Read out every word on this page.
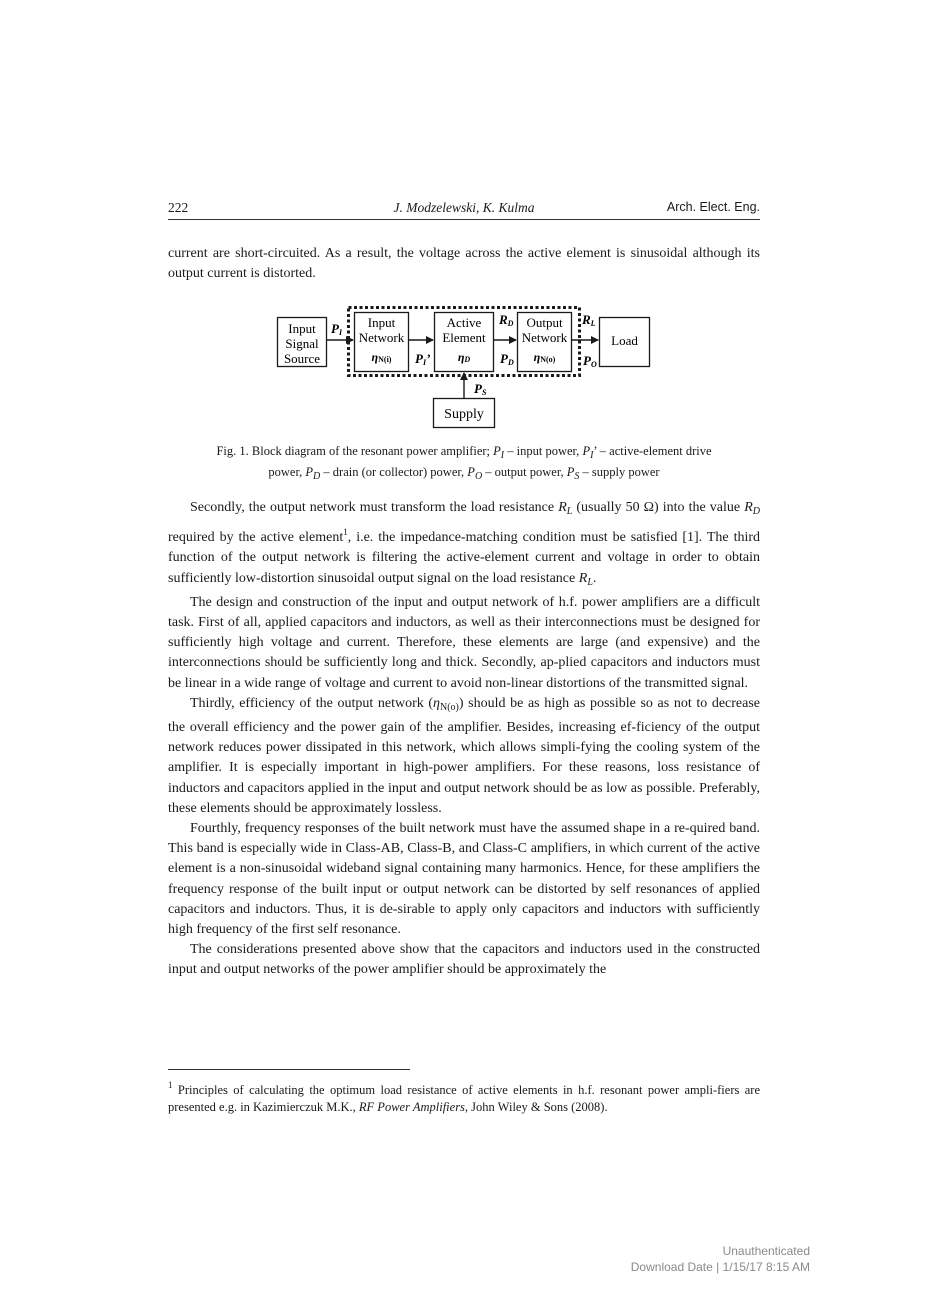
222	J. Modzelewski, K. Kulma	Arch. Elect. Eng.

current are short-circuited. As a result, the voltage across the active element is sinusoidal although its output current is distorted.

Input
Signal
Source
Input
Network
ηN(i)
Active
Element
ηD
Output
Network
ηN(o)
Load
Supply
PI
PI’
RD
PD
RL
PO
PS
Fig. 1. Block diagram of the resonant power amplifier; $P_I$ – input power, $P_I$’ – active-element drive
power, $P_D$ – drain (or collector) power, $P_O$ – output power, $P_S$ – supply power

Secondly, the output network must transform the load resistance $R_L$ (usually 50 Ω) into the value $R_D$ required by the active element$^1$, i.e. the impedance-matching condition must be satisfied [1]. The third function of the output network is filtering the active-element current and voltage in order to obtain sufficiently low-distortion sinusoidal output signal on the load resistance $R_L$.

The design and construction of the input and output network of h.f. power amplifiers are a difficult task. First of all, applied capacitors and inductors, as well as their interconnections must be designed for sufficiently high voltage and current. Therefore, these elements are large (and expensive) and the interconnections should be sufficiently long and thick. Secondly, ap-plied capacitors and inductors must be linear in a wide range of voltage and current to avoid non-linear distortions of the transmitted signal.

Thirdly, efficiency of the output network $(\eta_{N(o)})$ should be as high as possible so as not to decrease the overall efficiency and the power gain of the amplifier. Besides, increasing ef-ficiency of the output network reduces power dissipated in this network, which allows simpli-fying the cooling system of the amplifier. It is especially important in high-power amplifiers. For these reasons, loss resistance of inductors and capacitors applied in the input and output network should be as low as possible. Preferably, these elements should be approximately lossless.

Fourthly, frequency responses of the built network must have the assumed shape in a re-quired band. This band is especially wide in Class-AB, Class-B, and Class-C amplifiers, in which current of the active element is a non-sinusoidal wideband signal containing many harmonics. Hence, for these amplifiers the frequency response of the built input or output network can be distorted by self resonances of applied capacitors and inductors. Thus, it is de-sirable to apply only capacitors and inductors with sufficiently high frequency of the first self resonance.

The considerations presented above show that the capacitors and inductors used in the constructed input and output networks of the power amplifier should be approximately the

$^1$ Principles of calculating the optimum load resistance of active elements in h.f. resonant power ampli-fiers are presented e.g. in Kazimierczuk M.K., RF Power Amplifiers, John Wiley & Sons (2008).
Unauthenticated
Download Date | 1/15/17 8:15 AM
